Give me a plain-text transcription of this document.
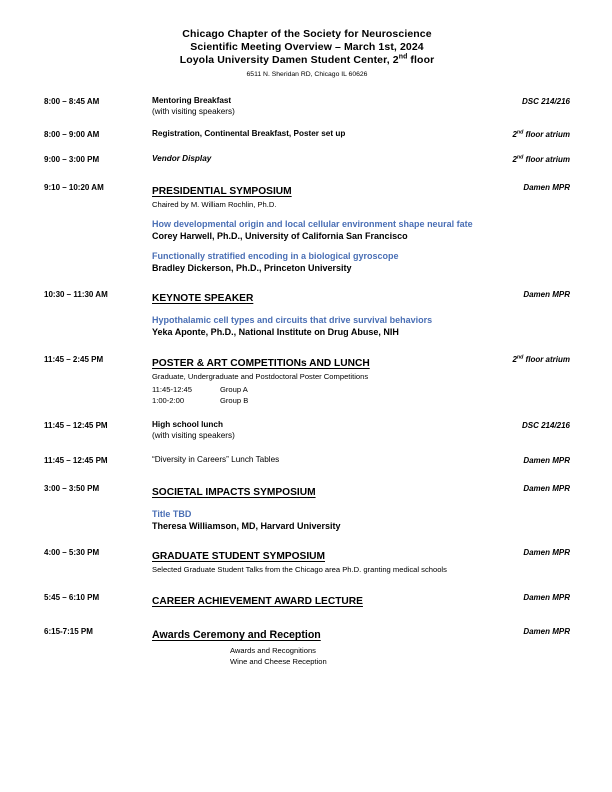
Chicago Chapter of the Society for Neuroscience
Scientific Meeting Overview – March 1st, 2024
Loyola University Damen Student Center, 2nd floor
6511 N. Sheridan RD, Chicago IL 60626
8:00 – 8:45 AM	Mentoring Breakfast
(with visiting speakers)
DSC 214/216
8:00 – 9:00 AM	Registration, Continental Breakfast, Poster set up	2nd floor atrium
9:00 – 3:00 PM	Vendor Display	2nd floor atrium
9:10 – 10:20 AM	PRESIDENTIAL SYMPOSIUM
Chaired by M. William Rochlin, Ph.D.
How developmental origin and local cellular environment shape neural fate
Corey Harwell, Ph.D., University of California San Francisco
Functionally stratified encoding in a biological gyroscope
Bradley Dickerson, Ph.D., Princeton University
Damen MPR
10:30 – 11:30 AM	KEYNOTE SPEAKER
Hypothalamic cell types and circuits that drive survival behaviors
Yeka Aponte, Ph.D., National Institute on Drug Abuse, NIH
Damen MPR
11:45 – 2:45 PM	POSTER & ART COMPETITIONs AND LUNCH
Graduate, Undergraduate and Postdoctoral Poster Competitions
11:45-12:45	Group A
1:00-2:00	Group B
2nd floor atrium
11:45 – 12:45 PM	High school lunch
(with visiting speakers)
DSC 214/216
11:45 – 12:45 PM	“Diversity in Careers” Lunch Tables	Damen MPR
3:00 – 3:50 PM	SOCIETAL IMPACTS SYMPOSIUM
Title TBD
Theresa Williamson, MD, Harvard University
Damen MPR
4:00 – 5:30 PM	GRADUATE STUDENT SYMPOSIUM
Selected Graduate Student Talks from the Chicago area Ph.D. granting medical schools
Damen MPR
5:45 – 6:10 PM	CAREER ACHIEVEMENT AWARD LECTURE	Damen MPR
6:15-7:15 PM	Awards Ceremony and Reception
Awards and Recognitions
Wine and Cheese Reception
Damen MPR
